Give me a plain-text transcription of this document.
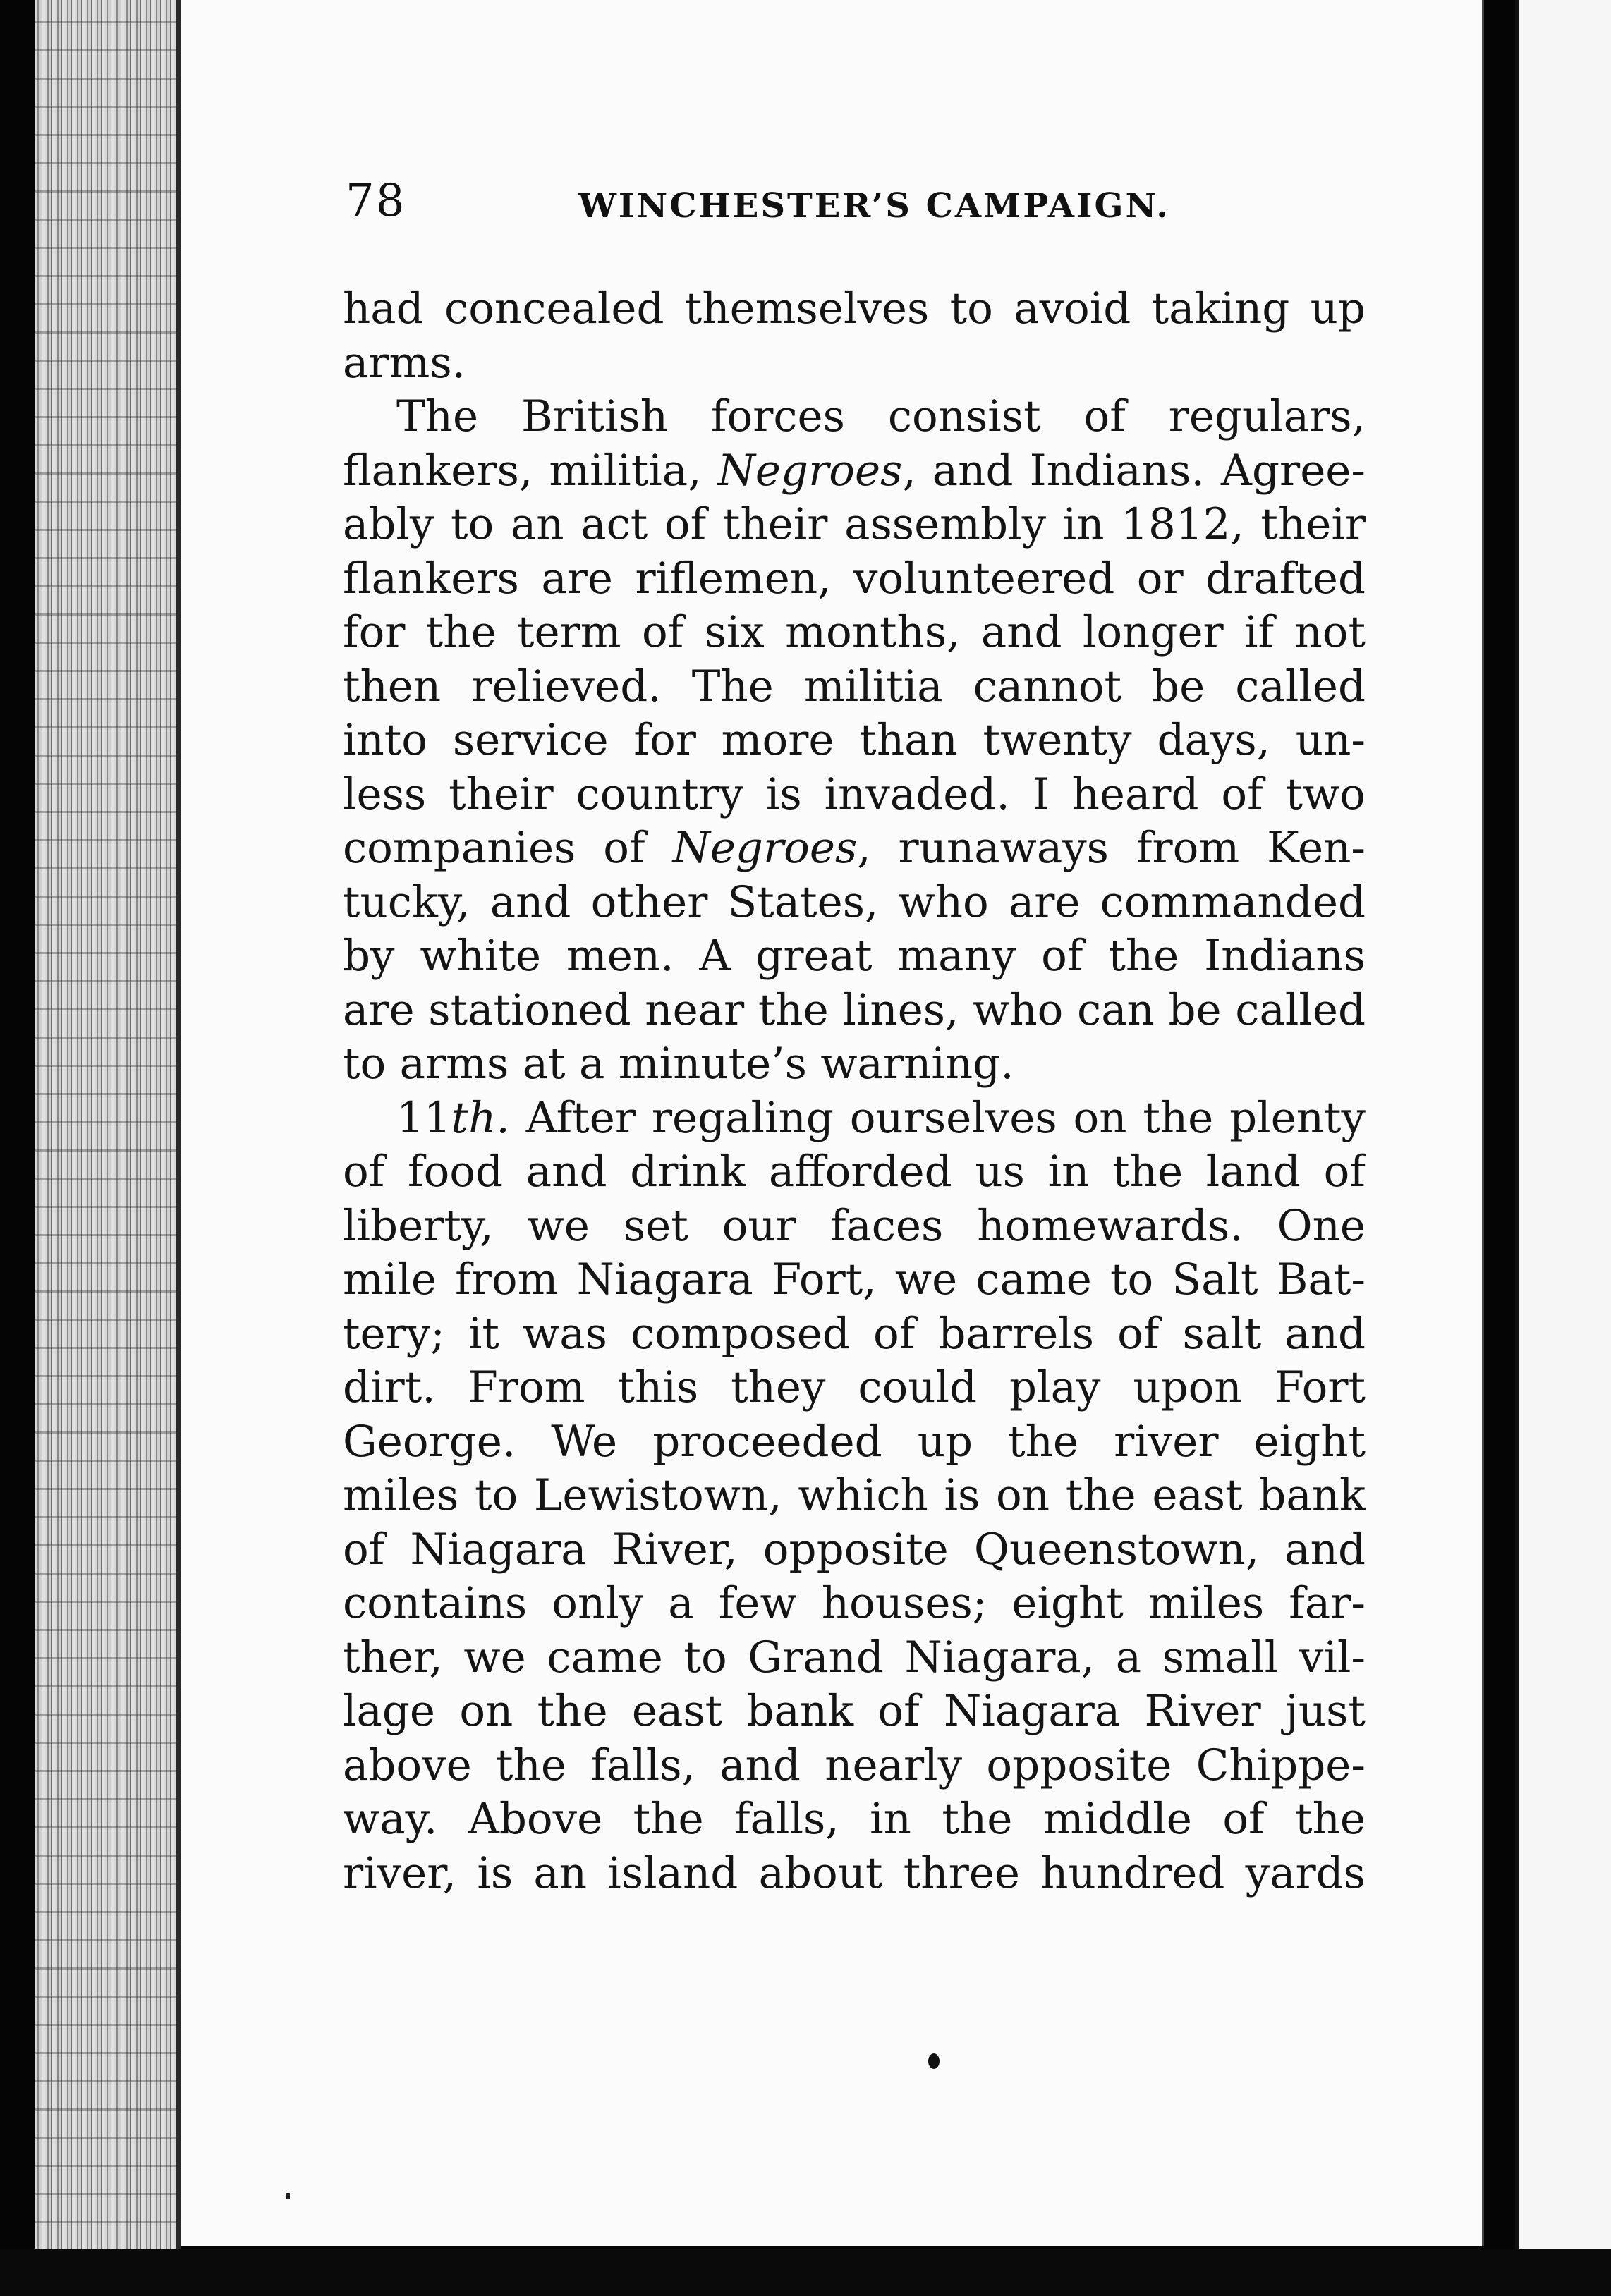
78	WINCHESTER’S CAMPAIGN.
had concealed themselves to avoid taking up
arms.
The British forces consist of regulars,
flankers, militia, Negroes, and Indians. Agree-
ably to an act of their assembly in 1812, their
flankers are riflemen, volunteered or drafted
for the term of six months, and longer if not
then relieved. The militia cannot be called
into service for more than twenty days, un-
less their country is invaded. I heard of two
companies of Negroes, runaways from Ken-
tucky, and other States, who are commanded
by white men. A great many of the Indians
are stationed near the lines, who can be called
to arms at a minute’s warning.
11th. After regaling ourselves on the plenty
of food and drink afforded us in the land of
liberty, we set our faces homewards. One
mile from Niagara Fort, we came to Salt Bat-
tery; it was composed of barrels of salt and
dirt. From this they could play upon Fort
George. We proceeded up the river eight
miles to Lewistown, which is on the east bank
of Niagara River, opposite Queenstown, and
contains only a few houses; eight miles far-
ther, we came to Grand Niagara, a small vil-
lage on the east bank of Niagara River just
above the falls, and nearly opposite Chippe-
way. Above the falls, in the middle of the
river, is an island about three hundred yards
